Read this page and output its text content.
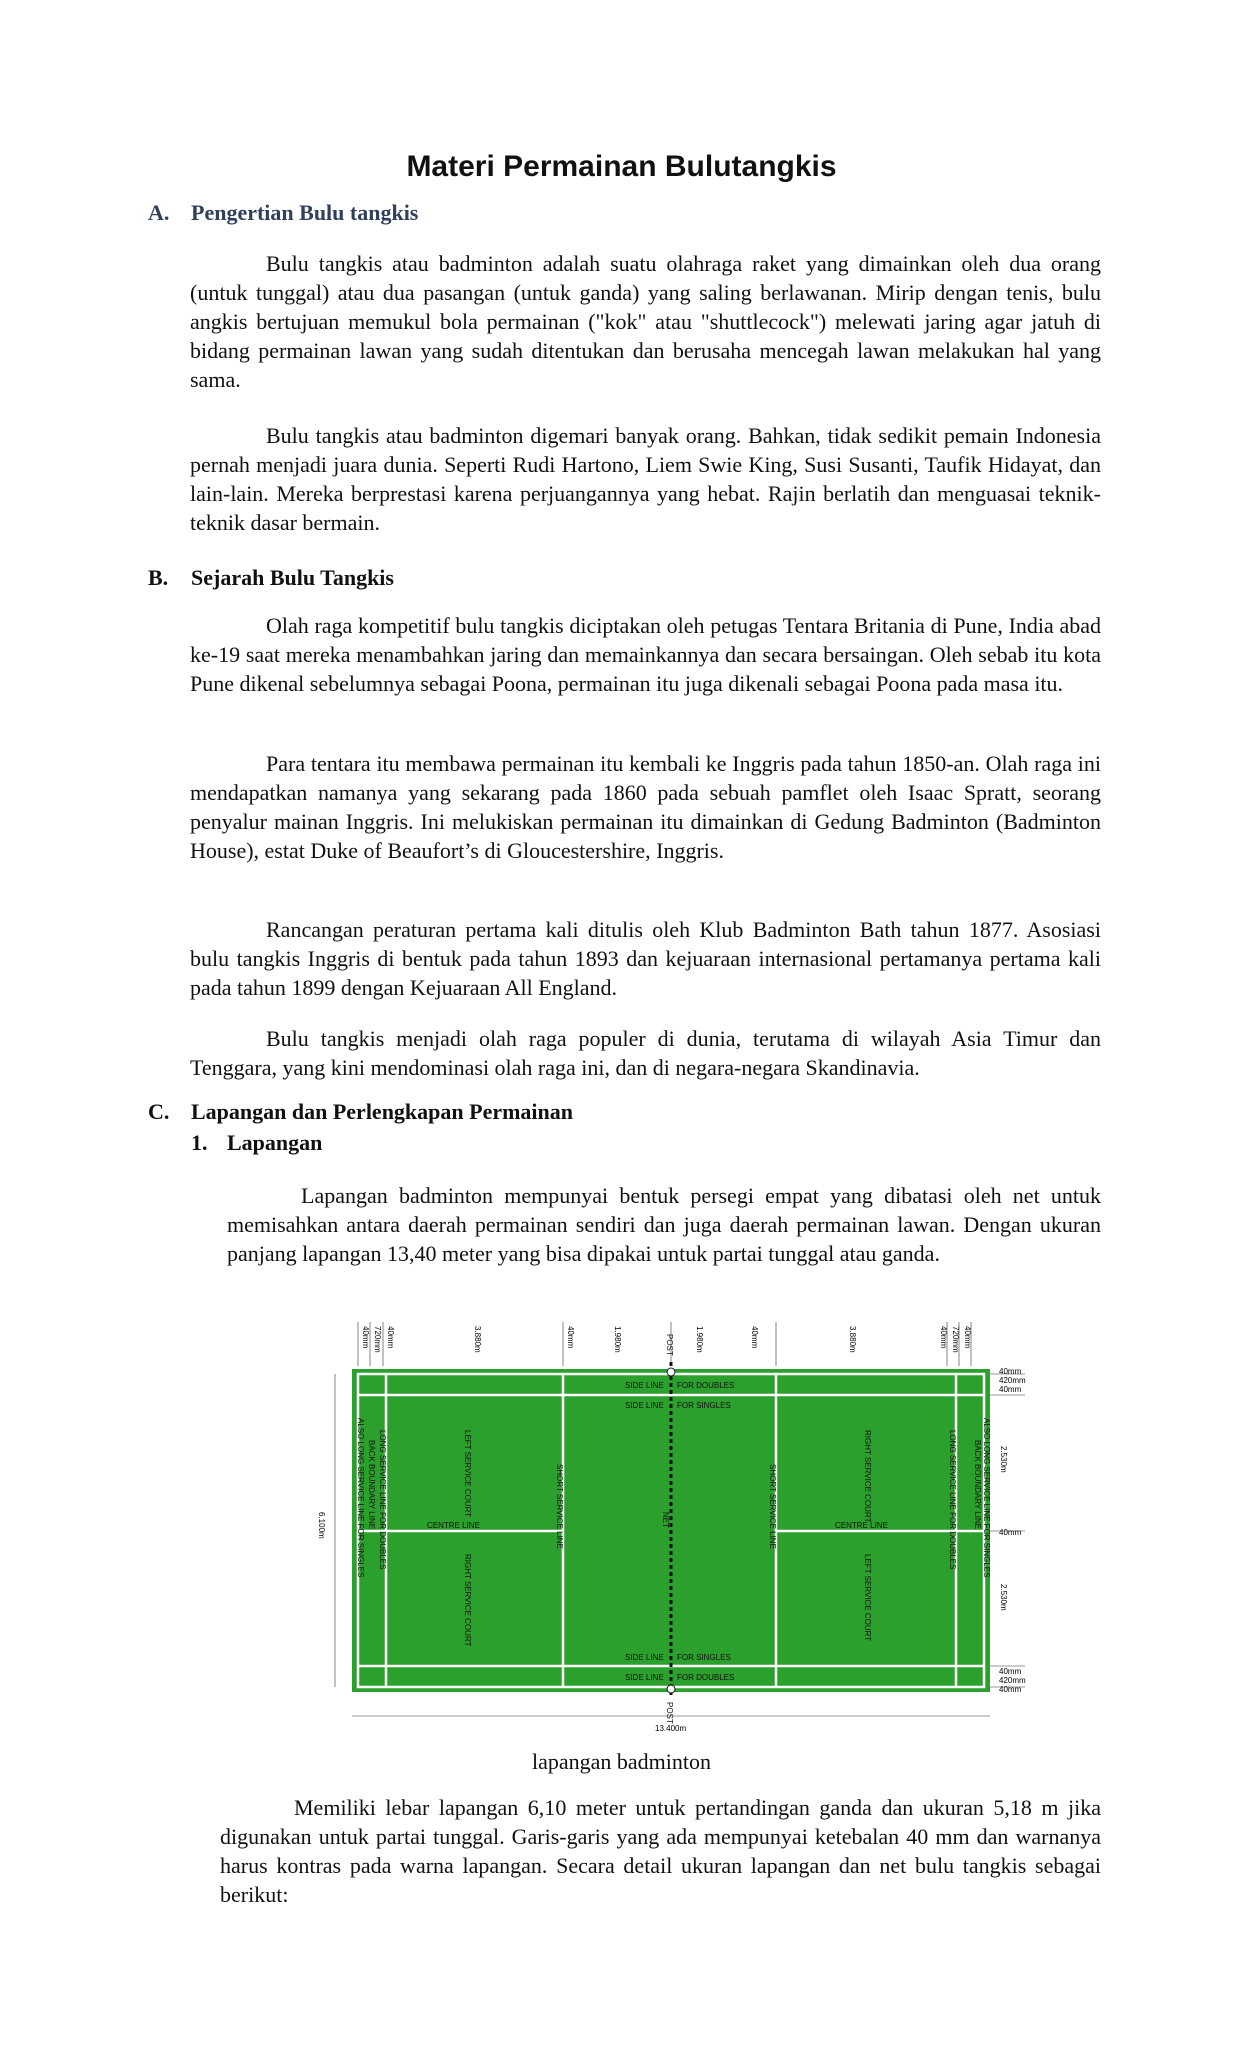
Materi Permainan Bulutangkis
A. Pengertian Bulu tangkis

Bulu tangkis atau badminton adalah suatu olahraga raket yang dimainkan oleh dua orang (untuk tunggal) atau dua pasangan (untuk ganda) yang saling berlawanan. Mirip dengan tenis, bulu angkis bertujuan memukul bola permainan ("kok" atau "shuttlecock") melewati jaring agar jatuh di bidang permainan lawan yang sudah ditentukan dan berusaha mencegah lawan melakukan hal yang sama.

Bulu tangkis atau badminton digemari banyak orang. Bahkan, tidak sedikit pemain Indonesia pernah menjadi juara dunia. Seperti Rudi Hartono, Liem Swie King, Susi Susanti, Taufik Hidayat, dan lain-lain. Mereka berprestasi karena perjuangannya yang hebat. Rajin berlatih dan menguasai teknik-teknik dasar bermain.

B. Sejarah Bulu Tangkis

Olah raga kompetitif bulu tangkis diciptakan oleh petugas Tentara Britania di Pune, India abad ke-19 saat mereka menambahkan jaring dan memainkannya dan secara bersaingan. Oleh sebab itu kota Pune dikenal sebelumnya sebagai Poona, permainan itu juga dikenali sebagai Poona pada masa itu.

Para tentara itu membawa permainan itu kembali ke Inggris pada tahun 1850-an. Olah raga ini mendapatkan namanya yang sekarang pada 1860 pada sebuah pamflet oleh Isaac Spratt, seorang penyalur mainan Inggris. Ini melukiskan permainan itu dimainkan di Gedung Badminton (Badminton House), estat Duke of Beaufort’s di Gloucestershire, Inggris.

Rancangan peraturan pertama kali ditulis oleh Klub Badminton Bath tahun 1877. Asosiasi bulu tangkis Inggris di bentuk pada tahun 1893 dan kejuaraan internasional pertamanya pertama kali pada tahun 1899 dengan Kejuaraan All England.

Bulu tangkis menjadi olah raga populer di dunia, terutama di wilayah Asia Timur dan Tenggara, yang kini mendominasi olah raga ini, dan di negara-negara Skandinavia.

C. Lapangan dan Perlengkapan Permainan
1. Lapangan

Lapangan badminton mempunyai bentuk persegi empat yang dibatasi oleh net untuk memisahkan antara daerah permainan sendiri dan juga daerah permainan lawan. Dengan ukuran panjang lapangan 13,40 meter yang bisa dipakai untuk partai tunggal atau ganda.

40mm 720mm 40mm	3.880m	40mm	1.980m	1.980m	40mm	3.880m	40mm 720mm 40mm
POST
POST
SIDE LINE FOR DOUBLES
SIDE LINE FOR SINGLES
SIDE LINE FOR SINGLES
SIDE LINE FOR DOUBLES
NET
CENTRE LINE	CENTRE LINE
SHORT SERVICE LINE	SHORT SERVICE LINE
LONG SERVICE LINE FOR DOUBLES	LONG SERVICE LINE FOR DOUBLES
BACK BOUNDARY LINE	BACK BOUNDARY LINE
ALSO LONG SERVICE LINE FOR SINGLES	ALSO LONG SERVICE LINE FOR SINGLES
LEFT SERVICE COURT
RIGHT SERVICE COURT
RIGHT SERVICE COURT
LEFT SERVICE COURT
40mm
420mm
40mm
2.530m
40mm
2.530m
40mm
420mm
40mm
6.100m
13.400m
lapangan badminton

Memiliki lebar lapangan 6,10 meter untuk pertandingan ganda dan ukuran 5,18 m jika digunakan untuk partai tunggal. Garis-garis yang ada mempunyai ketebalan 40 mm dan warnanya harus kontras pada warna lapangan. Secara detail ukuran lapangan dan net bulu tangkis sebagai berikut:
